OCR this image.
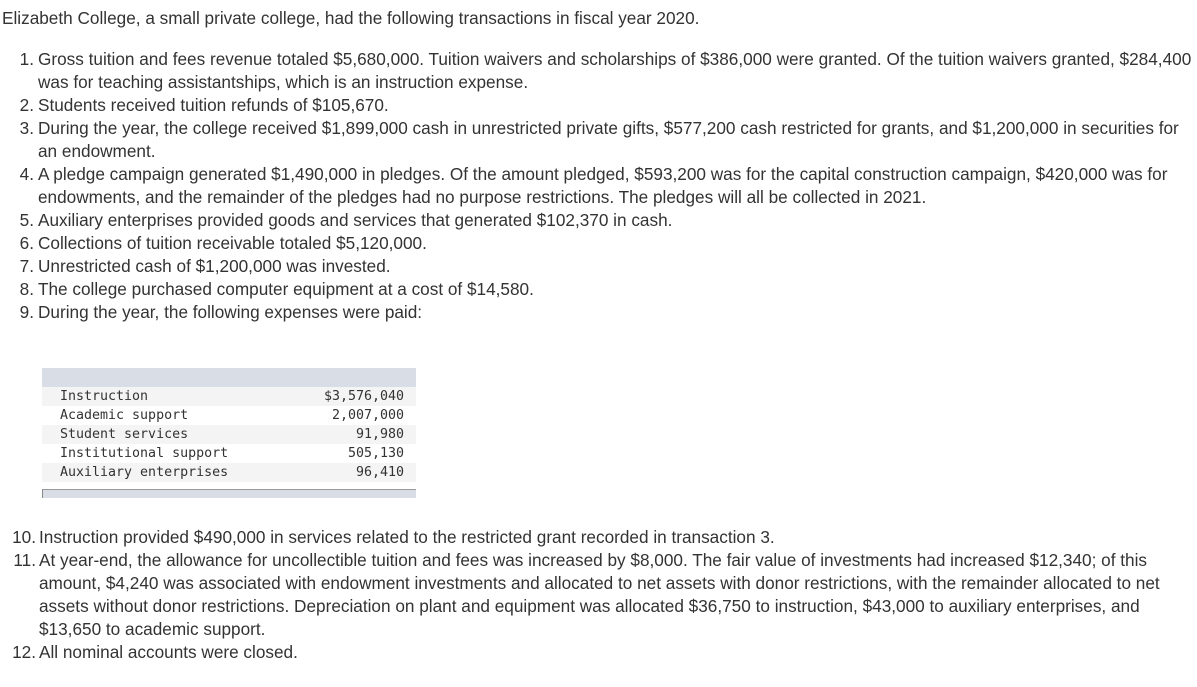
Elizabeth College, a small private college, had the following transactions in fiscal year 2020.
1. Gross tuition and fees revenue totaled $5,680,000. Tuition waivers and scholarships of $386,000 were granted. Of the tuition waivers granted, $284,400 was for teaching assistantships, which is an instruction expense.
2. Students received tuition refunds of $105,670.
3. During the year, the college received $1,899,000 cash in unrestricted private gifts, $577,200 cash restricted for grants, and $1,200,000 in securities for an endowment.
4. A pledge campaign generated $1,490,000 in pledges. Of the amount pledged, $593,200 was for the capital construction campaign, $420,000 was for endowments, and the remainder of the pledges had no purpose restrictions. The pledges will all be collected in 2021.
5. Auxiliary enterprises provided goods and services that generated $102,370 in cash.
6. Collections of tuition receivable totaled $5,120,000.
7. Unrestricted cash of $1,200,000 was invested.
8. The college purchased computer equipment at a cost of $14,580.
9. During the year, the following expenses were paid:
Instruction	$3,576,040
Academic support	2,007,000
Student services	91,980
Institutional support	505,130
Auxiliary enterprises	96,410
10. Instruction provided $490,000 in services related to the restricted grant recorded in transaction 3.
11. At year-end, the allowance for uncollectible tuition and fees was increased by $8,000. The fair value of investments had increased $12,340; of this amount, $4,240 was associated with endowment investments and allocated to net assets with donor restrictions, with the remainder allocated to net assets without donor restrictions. Depreciation on plant and equipment was allocated $36,750 to instruction, $43,000 to auxiliary enterprises, and $13,650 to academic support.
12. All nominal accounts were closed.
